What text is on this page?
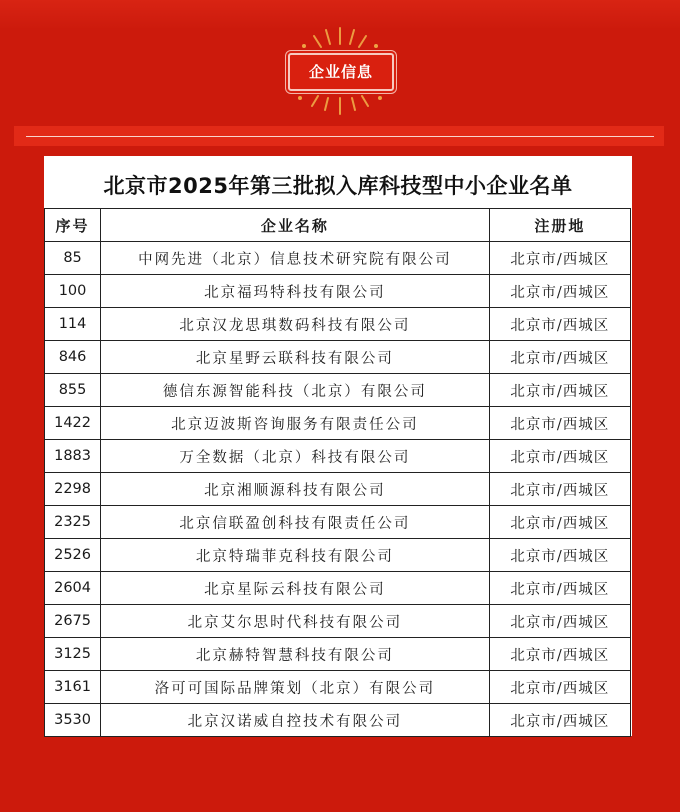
企业信息
北京市2025年第三批拟入库科技型中小企业名单
序号	企业名称	注册地
85	中网先进（北京）信息技术研究院有限公司	北京市/西城区
100	北京福玛特科技有限公司	北京市/西城区
114	北京汉龙思琪数码科技有限公司	北京市/西城区
846	北京星野云联科技有限公司	北京市/西城区
855	德信东源智能科技（北京）有限公司	北京市/西城区
1422	北京迈波斯咨询服务有限责任公司	北京市/西城区
1883	万全数据（北京）科技有限公司	北京市/西城区
2298	北京湘顺源科技有限公司	北京市/西城区
2325	北京信联盈创科技有限责任公司	北京市/西城区
2526	北京特瑞菲克科技有限公司	北京市/西城区
2604	北京星际云科技有限公司	北京市/西城区
2675	北京艾尔思时代科技有限公司	北京市/西城区
3125	北京赫特智慧科技有限公司	北京市/西城区
3161	洛可可国际品牌策划（北京）有限公司	北京市/西城区
3530	北京汉诺威自控技术有限公司	北京市/西城区
